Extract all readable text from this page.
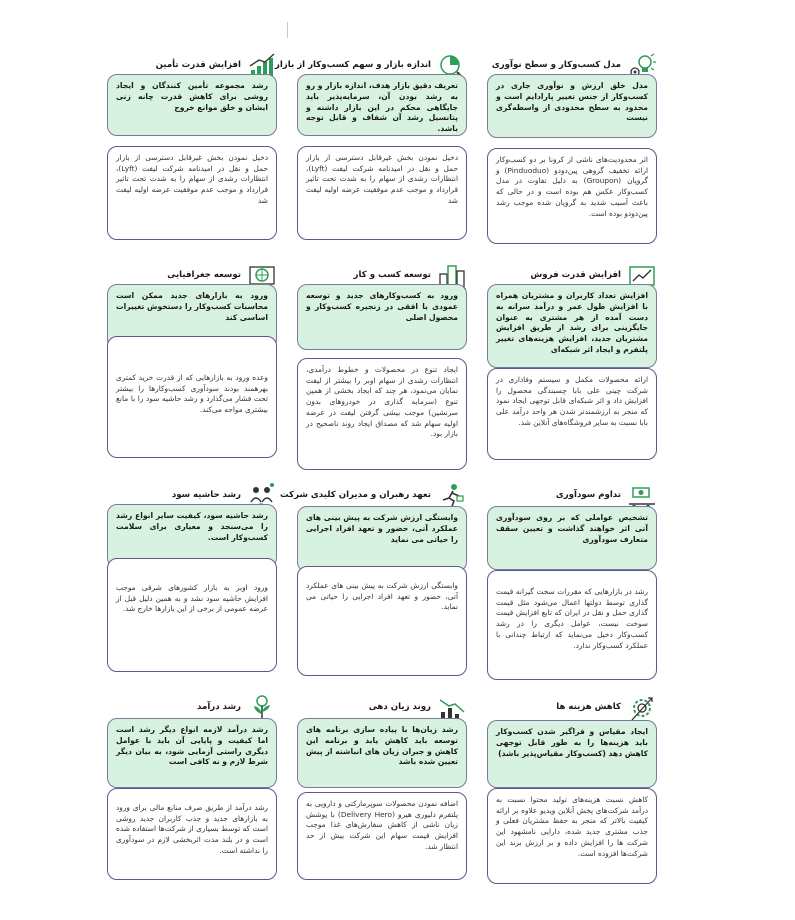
مدل کسب‌وکار و سطح نوآوری
مدل خلق ارزش و نوآوری جاری در کسب‌وکار از جنس تغییر پارادایم است و محدود به سطح محدودی از واسطه‌گری نیست
اثر محدودیت‌های ناشی از کرونا بر دو کسب‌وکار ارائه تخفیف گروهی پین‌دودو (Pinduoduo) و گروپان (Groupon) به دلیل تفاوت در مدل کسب‌وکار عکس هم بوده است و در حالی که باعث آسیب شدید به گروپان شده موجب رشد پین‌دودو بوده است.
اندازه بازار و سهم کسب‌وکار از بازار
تعریف دقیق بازار هدف، اندازه بازار و رو به رشد بودن آن، سرمایه‌پذیر باید جایگاهی محکم در این بازار داشته و پتانسیل رشد آن شفاف و قابل توجه باشد.
دخیل نمودن بخش غیرقابل دسترسی از بازار حمل و نقل در امیدنامه شرکت لیفت (Lyft)، انتظارات رشدی از سهام را به شدت تحت تاثیر قرارداد و موجب عدم موفقیت عرضه اولیه لیفت شد
افزایش قدرت تأمین
رشد مجموعه تأمین کنندگان و ایجاد روشی برای کاهش قدرت چانه زنی ایشان و خلق موانع خروج
دخیل نمودن بخش غیرقابل دسترسی از بازار حمل و نقل در امیدنامه شرکت لیفت (Lyft)، انتظارات رشدی از سهام را به شدت تحت تاثیر قرارداد و موجب عدم موفقیت عرضه اولیه لیفت شد
افزایش قدرت فروش
افزایش تعداد کاربران و مشتریان همراه با افزایش طول عمر و درآمد سرانه به دست آمده از هر مشتری به عنوان جایگزینی برای رشد از طریق افزایش مشتریان جدید، افزایش هزینه‌های تغییر پلتفرم و ایجاد اثر شبکه‌ای
ارائه محصولات مکمل و سیستم وفاداری در شرکت چینی علی بابا چسبندگی محصول را افزایش داد و اثر شبکه‌ای قابل توجهی ایجاد نمود که منجر به ارزشمندتر شدن هر واحد درآمد علی بابا نسبت به سایر فروشگاه‌های آنلاین شد.
توسعه کسب و کار
ورود به کسب‌وکارهای جدید و توسعه عمودی یا افقی در زنجیره کسب‌وکار و محصول اصلی
ایجاد تنوع در محصولات و خطوط درآمدی، انتظارات رشدی از سهام اوبر را بیشتر از لیفت نمایان می‌نمود، هر چند که ایجاد بخشی از همین تنوع (سرمایه گذاری در خودروهای بدون سرنشین) موجب بیشی گرفتن لیفت در عرضه اولیه سهام شد که مصداق ایجاد روند ناصحیح در بازار بود.
توسعه جغرافیایی
ورود به بازارهای جدید ممکن است محاسبات کسب‌وکار را دستخوش تغییرات اساسی کند
وعده ورود به بازارهایی که از قدرت خرید کمتری بهرهمند بودند سودآوری کسب‌وکارها را بیشتر تحت فشار می‌گذارد و رشد حاشیه سود را با مانع بیشتری مواجه می‌کند.
تداوم سودآوری
تشخیص عواملی که بر روی سودآوری آتی اثر خواهند گذاشت و تعیین سقف متعارف سودآوری
رشد در بازارهایی که مقررات سخت گیرانه قیمت گذاری توسط دولتها اعمال می‌شود مثل قیمت گذاری حمل و نقل در ایران که تابع افزایش قیمت سوخت نیست، عوامل دیگری را در رشد کسب‌وکار دخیل می‌نماید که ارتباط چندانی با عملکرد کسب‌وکار ندارد.
تعهد رهبران و مدیران کلیدی شرکت
وابستگی ارزش شرکت به پیش بینی های عملکرد آتی، حضور و تعهد افراد اجرایی را حیاتی می نماید
وابستگی ارزش شرکت به پیش بینی های عملکرد آتی، حضور و تعهد افراد اجرایی را حیاتی می نماید.
رشد حاشیه سود
رشد حاشیه سود، کیفیت سایر انواع رشد را می‌سنجد و معیاری برای سلامت کسب‌وکار است.
ورود اوبر به بازار کشورهای شرقی موجب افزایش حاشیه سود نشد و به همین دلیل قبل از عرضه عمومی از برخی از این بازارها خارج شد.
کاهش هزینه ها
ایجاد مقیاس و فراگیر شدن کسب‌وکار باید هزینه‌ها را به طور قابل توجهی کاهش دهد (کسب‌وکار مقیاس‌پذیر باشد)
کاهش نسبت هزینه‌های تولید محتوا نسبت به درآمد شرکت‌های پخش آنلاین ویدیو علاوه بر ارائه کیفیت بالاتر که منجر به حفظ مشتریان فعلی و جذب مشتری جدید شده، دارایی نامشهود این شرکت ها را افزایش داده و بر ارزش برند این شرکت‌ها افزوده است.
روند زیان دهی
رشد زیان‌ها با پیاده سازی برنامه های توسعه باید کاهش یابد و برنامه این کاهش و جبران زیان های انباشته از پیش تعیین شده باشد
اضافه نمودن محصولات سوپرمارکتی و دارویی به پلتفرم دلیوری هیرو (Delivery Hero) با پوشش زیان ناشی از کاهش سفارش‌های غذا موجب افزایش قیمت سهام این شرکت بیش از حد انتظار شد.
رشد درآمد
رشد درآمد لازمه انواع دیگر رشد است اما کیفیت و پایایی آن باید با عوامل دیگری راستی آزمایی شود، به بیان دیگر شرط لازم و نه کافی است
رشد درآمد از طریق صرف منابع مالی برای ورود به بازارهای جدید و جذب کاربران جدید روشی است که توسط بسیاری از شرکت‌ها استفاده شده است و در بلند مدت اثربخشی لازم در سودآوری را نداشته است.
